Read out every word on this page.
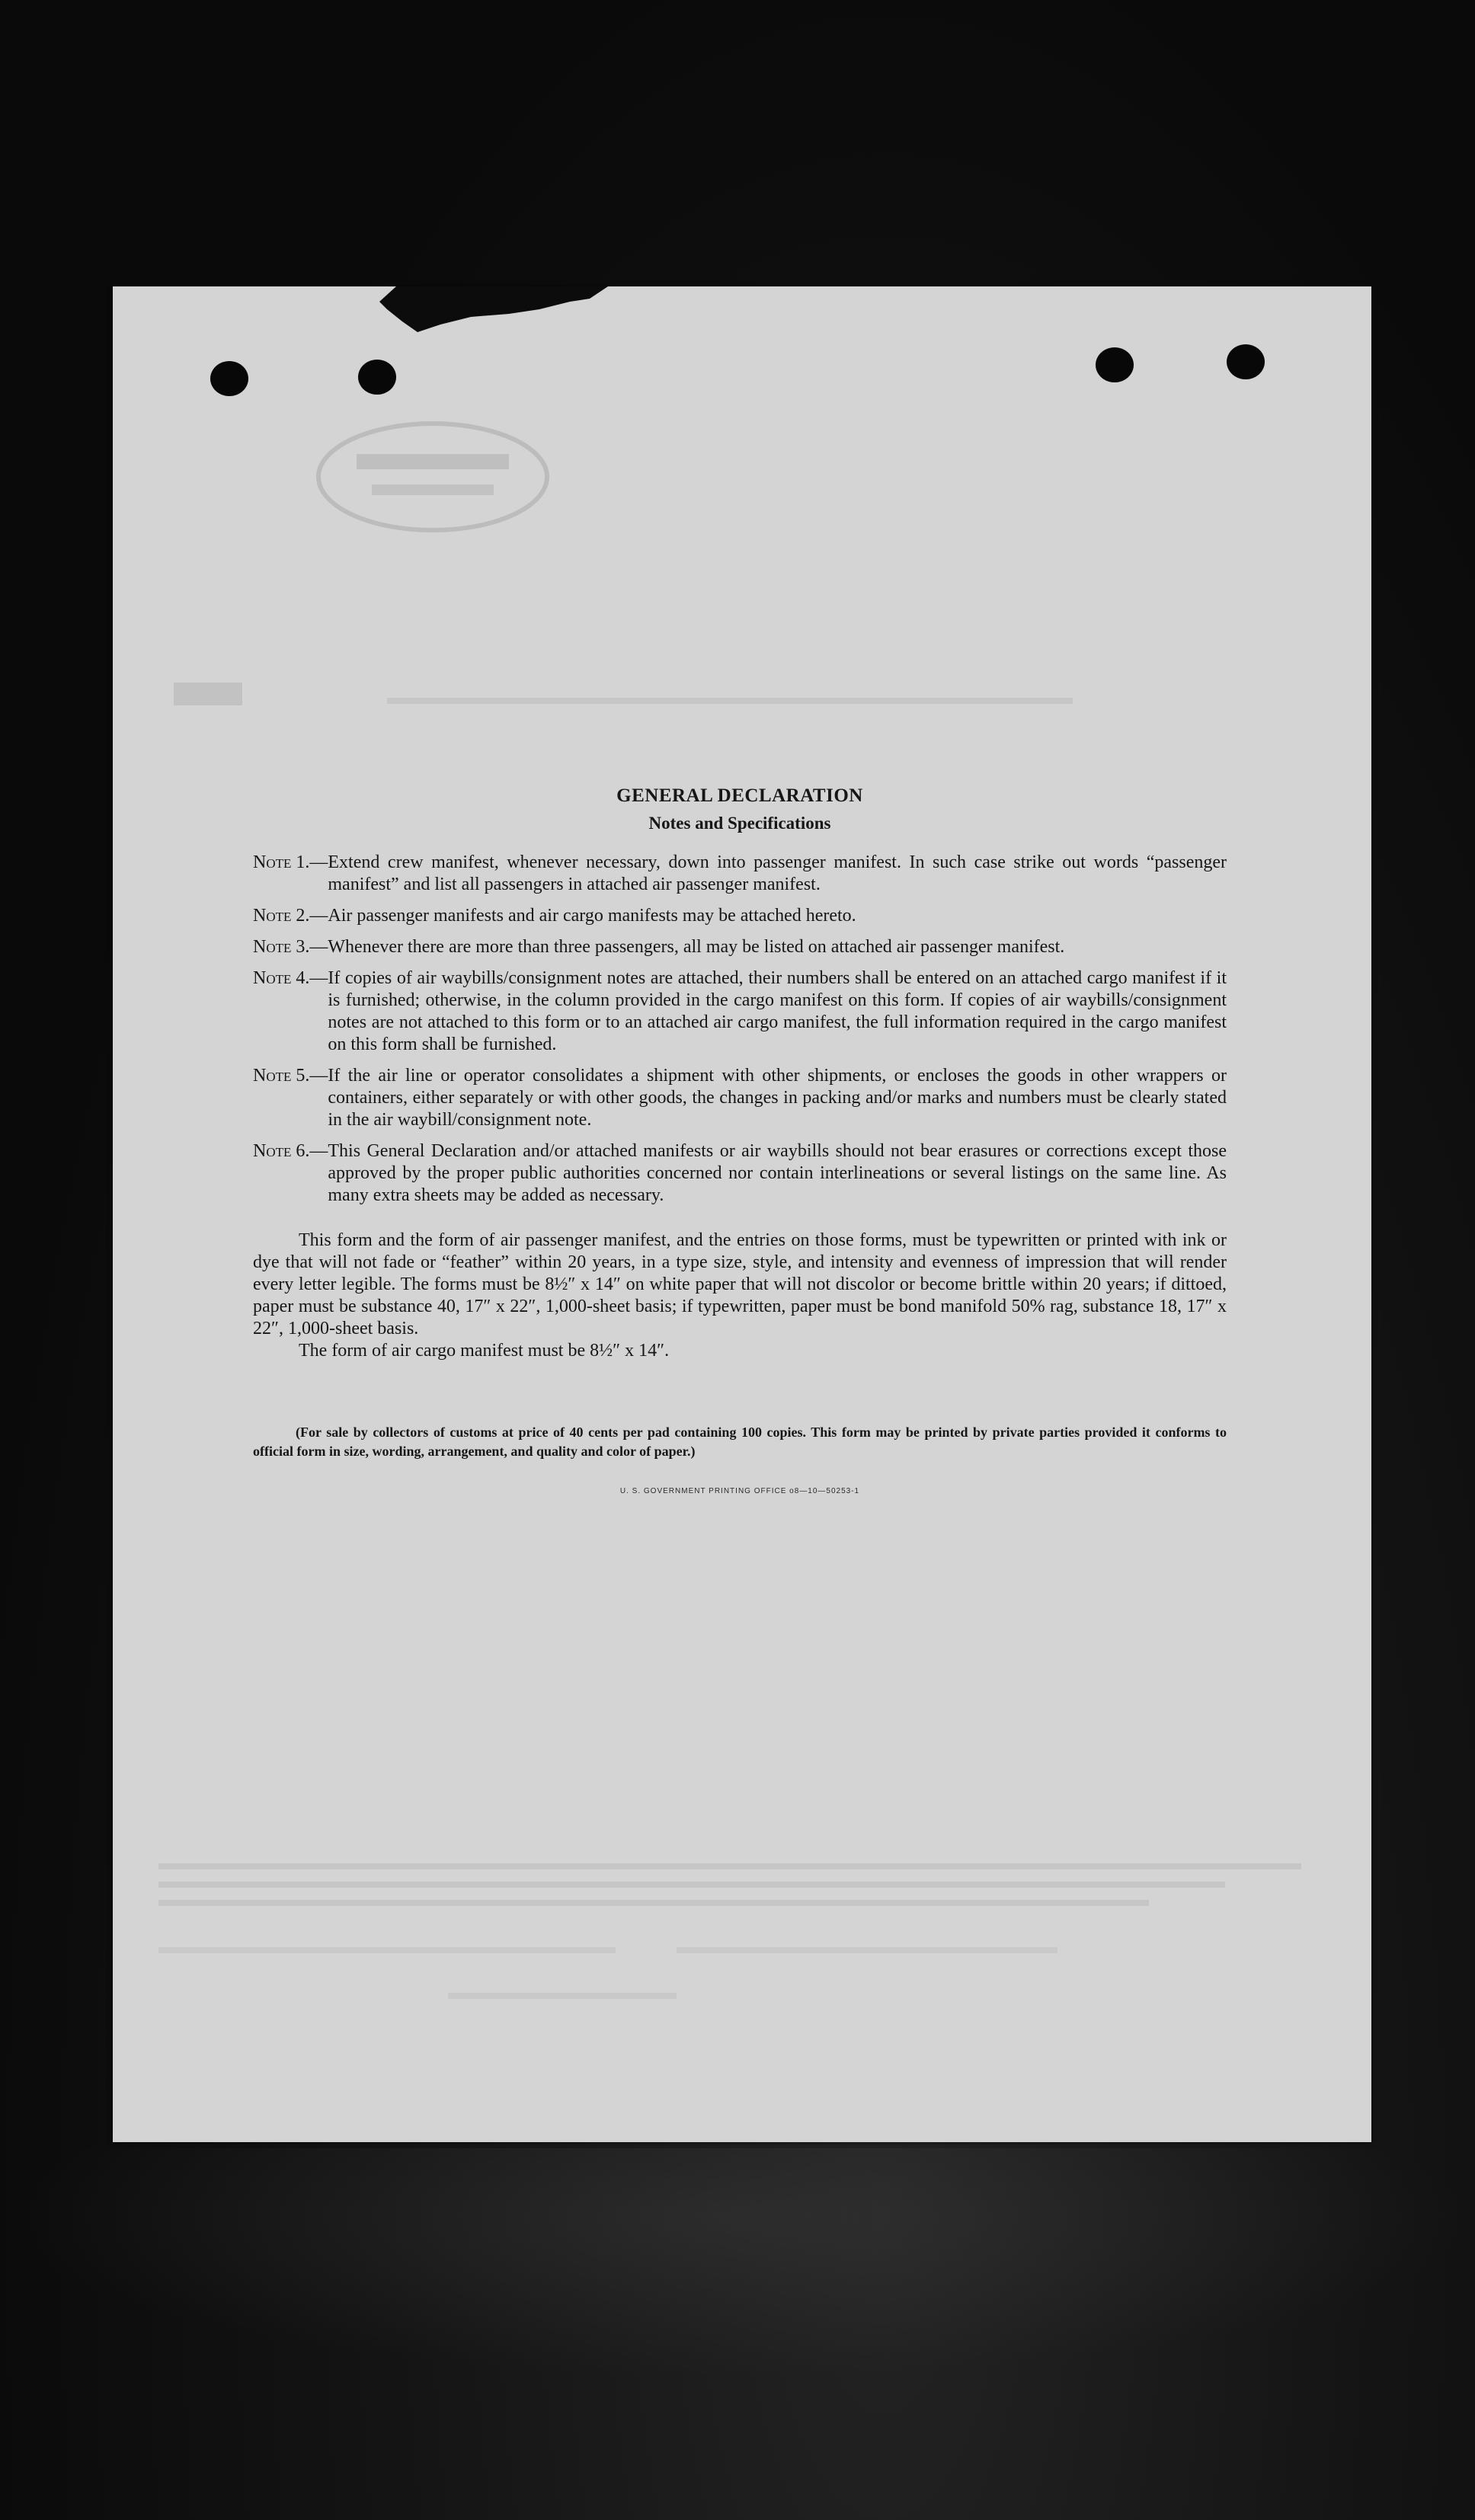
GENERAL DECLARATION

Notes and Specifications

Note 1. — Extend crew manifest, whenever necessary, down into passenger manifest. In such case strike out words “passenger manifest” and list all passengers in attached air passenger manifest.
Note 2. — Air passenger manifests and air cargo manifests may be attached hereto.
Note 3. — Whenever there are more than three passengers, all may be listed on attached air passenger manifest.
Note 4. — If copies of air waybills/consignment notes are attached, their numbers shall be entered on an attached cargo manifest if it is furnished; otherwise, in the column provided in the cargo manifest on this form. If copies of air waybills/consignment notes are not attached to this form or to an attached air cargo manifest, the full information required in the cargo manifest on this form shall be furnished.
Note 5. — If the air line or operator consolidates a shipment with other shipments, or encloses the goods in other wrappers or containers, either separately or with other goods, the changes in packing and/or marks and numbers must be clearly stated in the air waybill/consignment note.
Note 6. — This General Declaration and/or attached manifests or air waybills should not bear erasures or corrections except those approved by the proper public authorities concerned nor contain interlineations or several listings on the same line. As many extra sheets may be added as necessary.

This form and the form of air passenger manifest, and the entries on those forms, must be typewritten or printed with ink or dye that will not fade or “feather” within 20 years, in a type size, style, and intensity and evenness of impression that will render every letter legible. The forms must be 8½″ x 14″ on white paper that will not discolor or become brittle within 20 years; if dittoed, paper must be substance 40, 17″ x 22″, 1,000-sheet basis; if typewritten, paper must be bond manifold 50% rag, substance 18, 17″ x 22″, 1,000-sheet basis.

The form of air cargo manifest must be 8½″ x 14″.

(For sale by collectors of customs at price of 40 cents per pad containing 100 copies. This form may be printed by private parties provided it conforms to official form in size, wording, arrangement, and quality and color of paper.)

U. S. GOVERNMENT PRINTING OFFICE o8—10—50253-1
